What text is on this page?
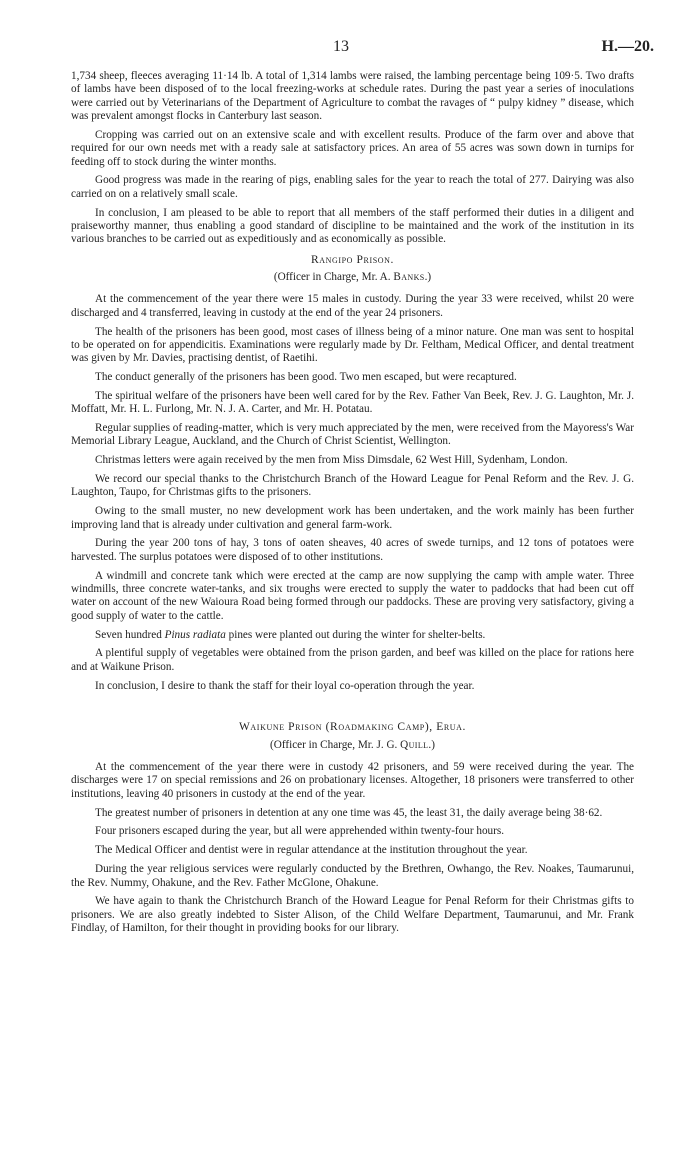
13	H.—20.

1,734 sheep, fleeces averaging 11·14 lb. A total of 1,314 lambs were raised, the lambing percentage being 109·5. Two drafts of lambs have been disposed of to the local freezing-works at schedule rates. During the past year a series of inoculations were carried out by Veterinarians of the Department of Agriculture to combat the ravages of “ pulpy kidney ” disease, which was prevalent amongst flocks in Canterbury last season.

Cropping was carried out on an extensive scale and with excellent results. Produce of the farm over and above that required for our own needs met with a ready sale at satisfactory prices. An area of 55 acres was sown down in turnips for feeding off to stock during the winter months.

Good progress was made in the rearing of pigs, enabling sales for the year to reach the total of 277. Dairying was also carried on on a relatively small scale.

In conclusion, I am pleased to be able to report that all members of the staff performed their duties in a diligent and praiseworthy manner, thus enabling a good standard of discipline to be maintained and the work of the institution in its various branches to be carried out as expeditiously and as economically as possible.

Rangipo Prison.
(Officer in Charge, Mr. A. Banks.)

At the commencement of the year there were 15 males in custody. During the year 33 were received, whilst 20 were discharged and 4 transferred, leaving in custody at the end of the year 24 prisoners.

The health of the prisoners has been good, most cases of illness being of a minor nature. One man was sent to hospital to be operated on for appendicitis. Examinations were regularly made by Dr. Feltham, Medical Officer, and dental treatment was given by Mr. Davies, practising dentist, of Raetihi.

The conduct generally of the prisoners has been good. Two men escaped, but were recaptured.

The spiritual welfare of the prisoners have been well cared for by the Rev. Father Van Beek, Rev. J. G. Laughton, Mr. J. Moffatt, Mr. H. L. Furlong, Mr. N. J. A. Carter, and Mr. H. Potatau.

Regular supplies of reading-matter, which is very much appreciated by the men, were received from the Mayoress's War Memorial Library League, Auckland, and the Church of Christ Scientist, Wellington.

Christmas letters were again received by the men from Miss Dimsdale, 62 West Hill, Sydenham, London.

We record our special thanks to the Christchurch Branch of the Howard League for Penal Reform and the Rev. J. G. Laughton, Taupo, for Christmas gifts to the prisoners.

Owing to the small muster, no new development work has been undertaken, and the work mainly has been further improving land that is already under cultivation and general farm-work.

During the year 200 tons of hay, 3 tons of oaten sheaves, 40 acres of swede turnips, and 12 tons of potatoes were harvested. The surplus potatoes were disposed of to other institutions.

A windmill and concrete tank which were erected at the camp are now supplying the camp with ample water. Three windmills, three concrete water-tanks, and six troughs were erected to supply the water to paddocks that had been cut off water on account of the new Waioura Road being formed through our paddocks. These are proving very satisfactory, giving a good supply of water to the cattle.

Seven hundred Pinus radiata pines were planted out during the winter for shelter-belts.

A plentiful supply of vegetables were obtained from the prison garden, and beef was killed on the place for rations here and at Waikune Prison.

In conclusion, I desire to thank the staff for their loyal co-operation through the year.

Waikune Prison (Roadmaking Camp), Erua.
(Officer in Charge, Mr. J. G. Quill.)

At the commencement of the year there were in custody 42 prisoners, and 59 were received during the year. The discharges were 17 on special remissions and 26 on probationary licenses. Altogether, 18 prisoners were transferred to other institutions, leaving 40 prisoners in custody at the end of the year.

The greatest number of prisoners in detention at any one time was 45, the least 31, the daily average being 38·62.

Four prisoners escaped during the year, but all were apprehended within twenty-four hours.

The Medical Officer and dentist were in regular attendance at the institution throughout the year.

During the year religious services were regularly conducted by the Brethren, Owhango, the Rev. Noakes, Taumarunui, the Rev. Nummy, Ohakune, and the Rev. Father McGlone, Ohakune.

We have again to thank the Christchurch Branch of the Howard League for Penal Reform for their Christmas gifts to prisoners. We are also greatly indebted to Sister Alison, of the Child Welfare Department, Taumarunui, and Mr. Frank Findlay, of Hamilton, for their thought in providing books for our library.
